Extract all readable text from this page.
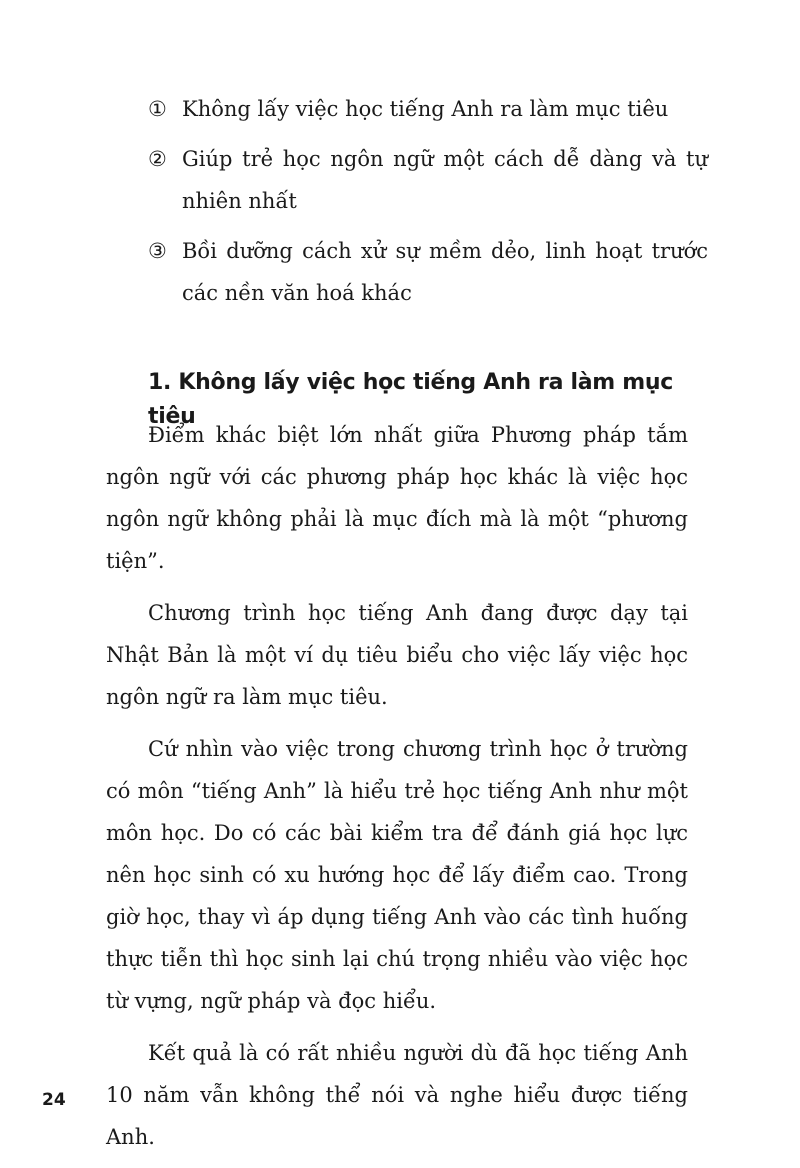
① Không lấy việc học tiếng Anh ra làm mục tiêu
② Giúp trẻ học ngôn ngữ một cách dễ dàng và tự nhiên nhất
③ Bồi dưỡng cách xử sự mềm dẻo, linh hoạt trước các nền văn hoá khác
1. Không lấy việc học tiếng Anh ra làm mục tiêu

Điểm khác biệt lớn nhất giữa Phương pháp tắm ngôn ngữ với các phương pháp học khác là việc học ngôn ngữ không phải là mục đích mà là một “phương tiện”.

Chương trình học tiếng Anh đang được dạy tại Nhật Bản là một ví dụ tiêu biểu cho việc lấy việc học ngôn ngữ ra làm mục tiêu.

Cứ nhìn vào việc trong chương trình học ở trường có môn “tiếng Anh” là hiểu trẻ học tiếng Anh như một môn học. Do có các bài kiểm tra để đánh giá học lực nên học sinh có xu hướng học để lấy điểm cao. Trong giờ học, thay vì áp dụng tiếng Anh vào các tình huống thực tiễn thì học sinh lại chú trọng nhiều vào việc học từ vựng, ngữ pháp và đọc hiểu.

Kết quả là có rất nhiều người dù đã học tiếng Anh 10 năm vẫn không thể nói và nghe hiểu được tiếng Anh.

24
